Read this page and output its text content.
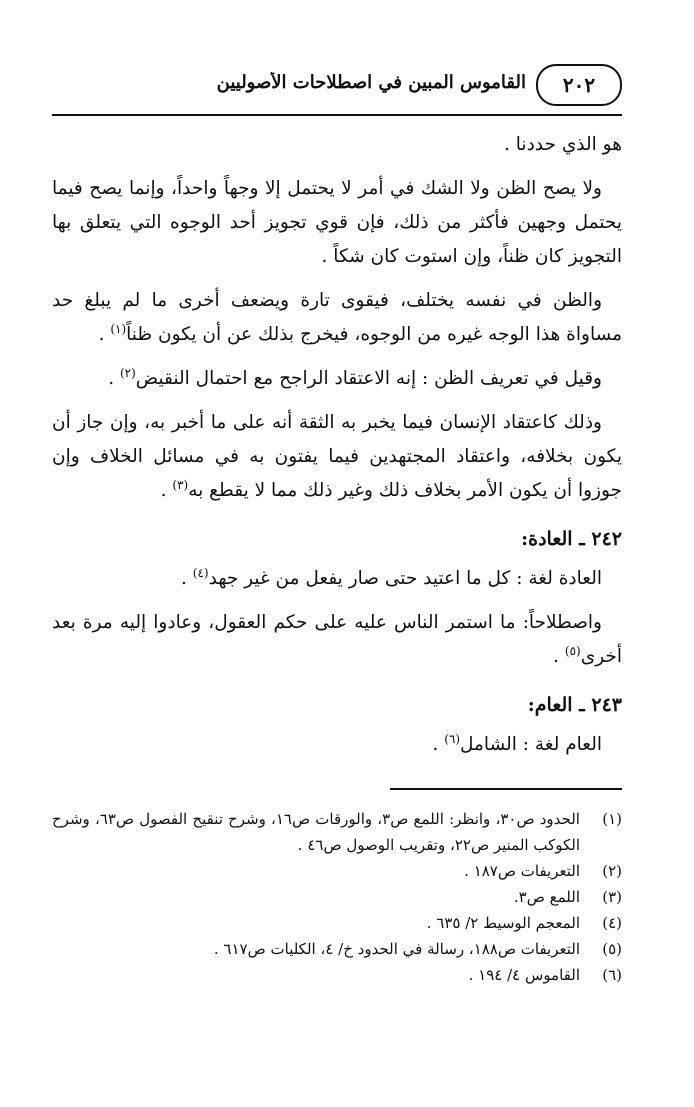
٢٠٢
القاموس المبين في اصطلاحات الأصوليين

هو الذي حددنا .

ولا يصح الظن ولا الشك في أمر لا يحتمل إلا وجهاً واحداً، وإنما يصح فيما يحتمل وجهين فأكثر من ذلك، فإن قوي تجويز أحد الوجوه التي يتعلق بها التجويز كان ظناً، وإن استوت كان شكاً .

والظن في نفسه يختلف، فيقوى تارة ويضعف أخرى ما لم يبلغ حد مساواة هذا الوجه غيره من الوجوه، فيخرج بذلك عن أن يكون ظناً$^{(١)}$ .

وقيل في تعريف الظن : إنه الاعتقاد الراجح مع احتمال النقيض$^{(٢)}$ .

وذلك كاعتقاد الإنسان فيما يخبر به الثقة أنه على ما أخبر به، وإن جاز أن يكون بخلافه، واعتقاد المجتهدين فيما يفتون به في مسائل الخلاف وإن جوزوا أن يكون الأمر بخلاف ذلك وغير ذلك مما لا يقطع به$^{(٣)}$ .

٢٤٢ ـ العادة:

العادة لغة : كل ما اعتيد حتى صار يفعل من غير جهد$^{(٤)}$ .

واصطلاحاً: ما استمر الناس عليه على حكم العقول، وعادوا إليه مرة بعد أخرى$^{(٥)}$ .

٢٤٣ ـ العام:

العام لغة : الشامل$^{(٦)}$ .

(١)
الحدود ص٣٠، وانظر: اللمع ص٣، والورقات ص١٦، وشرح تنقيح الفصول ص٦٣، وشرح الكوكب المنير ص٢٢، وتقريب الوصول ص٤٦ .
(٢)
التعريفات ص١٨٧ .
(٣)
اللمع ص٣.
(٤)
المعجم الوسيط ٢/ ٦٣٥ .
(٥)
التعريفات ص١٨٨، رسالة في الحدود خ/ ٤، الكليات ص٦١٧ .
(٦)
القاموس ٤/ ١٩٤ .
